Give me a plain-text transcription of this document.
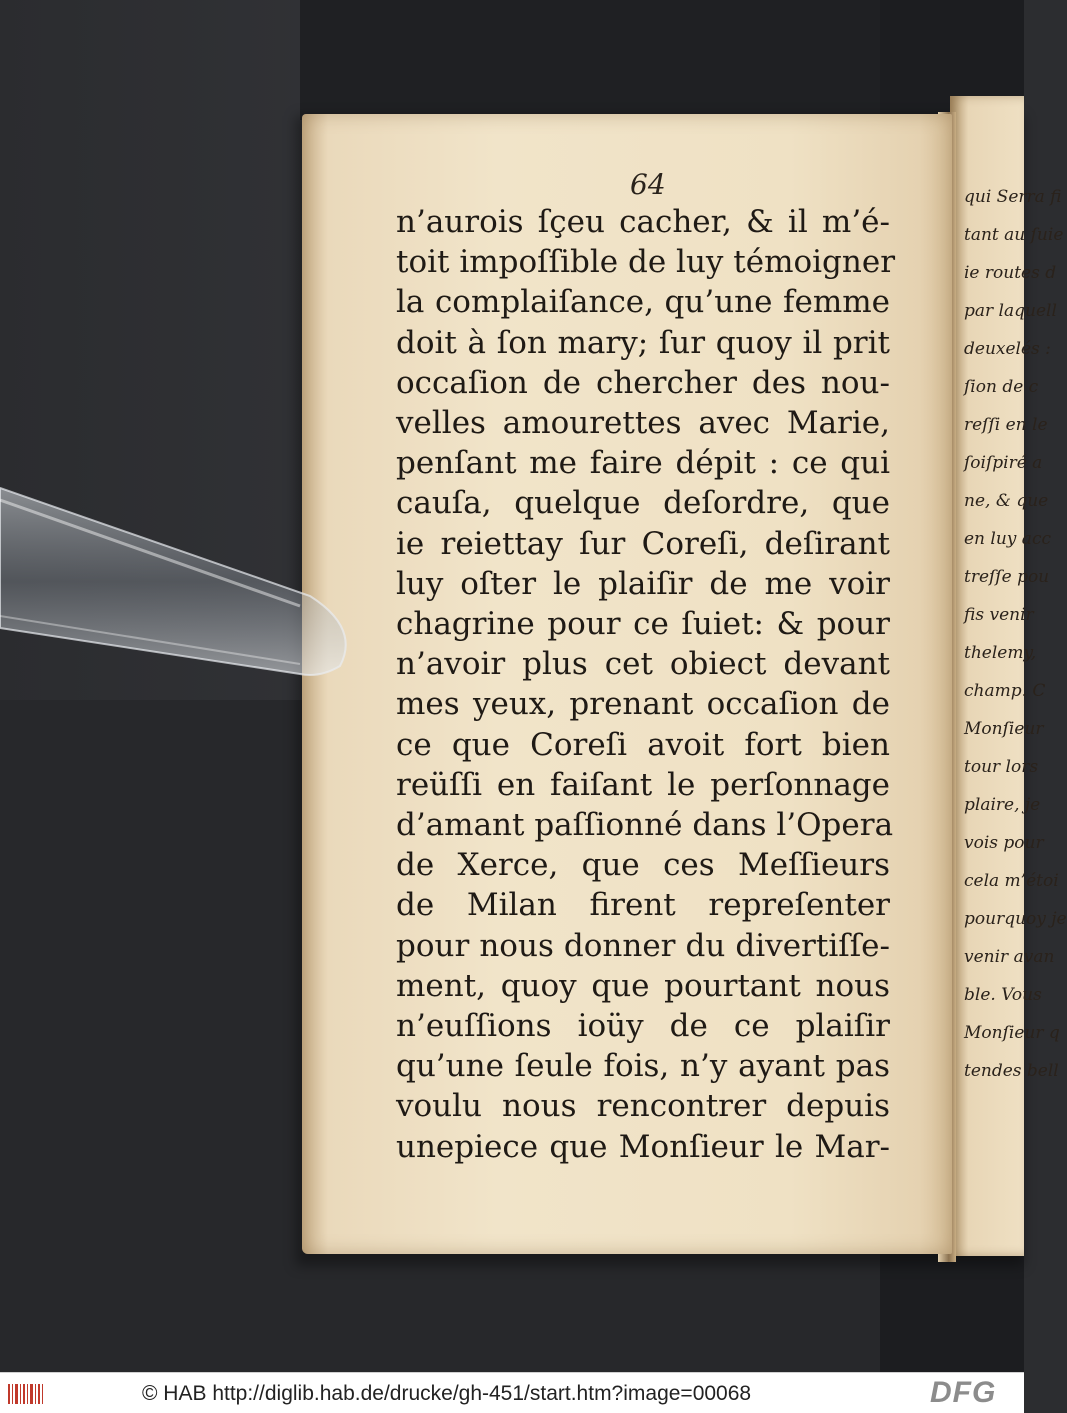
64

n’aurois ſçeu cacher, & il m’é-

toit impoſſible de luy témoigner

la complaiſance, qu’une femme

doit à ſon mary; ſur quoy il prit

occaſion de chercher des nou-

velles amourettes avec Marie,

penſant me faire dépit : ce qui

cauſa, quelque deſordre, que

ie reiettay ſur Coreſi, deſirant

luy oſter le plaiſir de me voir

chagrine pour ce ſuiet: & pour

n’avoir plus cet obiect devant

mes yeux, prenant occaſion de

ce que Coreſi avoit fort bien

reüſſi en faiſant le perſonnage

d’amant paſſionné dans l’Opera

de Xerce, que ces Meſſieurs

de Milan firent repreſenter

pour nous donner du divertiſſe-

ment, quoy que pourtant nous

n’euſſions ioüy de ce plaiſir

qu’une ſeule fois, n’y ayant pas

voulu nous rencontrer depuis

unepiece que Monſieur le Mar-

qui Serra fi
tant au ſuie
ie routes d
par laquell
deuxelés :
ſion de c
reſſi en le
ſoiſpiré a
ne, & que
en luy acc
treſſe pou
fis venir
thelemy,
champ. C
Monſieur
tour lors
plaire, je
vois pour
cela m’étoi
pourquoy je
venir avan
ble. Vous
Monſieur q
tendes bell
© HAB http://diglib.hab.de/drucke/gh-451/start.htm?image=00068	DFG
